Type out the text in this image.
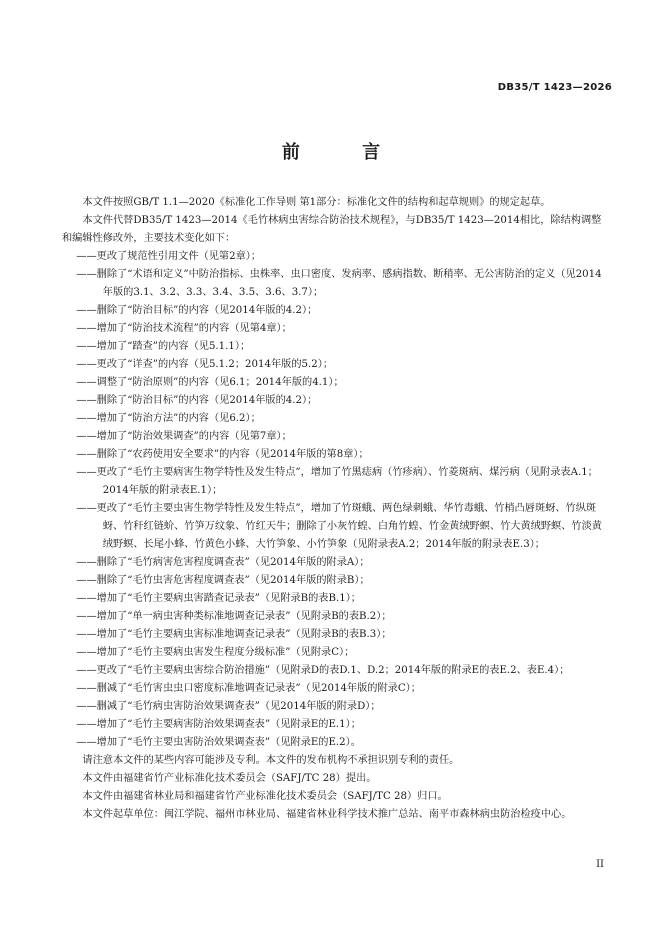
DB35/T 1423—2026
前 言

本文件按照GB/T 1.1—2020《标准化工作导则 第1部分：标准化文件的结构和起草规则》的规定起草。

本文件代替DB35/T 1423—2014《毛竹林病虫害综合防治技术规程》，与DB35/T 1423—2014相比，除结构调整和编辑性修改外，主要技术变化如下：

——更改了规范性引用文件（见第2章）；

——删除了“术语和定义”中防治指标、虫株率、虫口密度、发病率、感病指数、断稍率、无公害防治的定义（见2014年版的3.1、3.2、3.3、3.4、3.5、3.6、3.7）；

——删除了“防治目标”的内容（见2014年版的4.2）；

——增加了“防治技术流程”的内容（见第4章）；

——增加了“踏查”的内容（见5.1.1）；

——更改了“详查”的内容（见5.1.2；2014年版的5.2）；

——调整了“防治原则”的内容（见6.1；2014年版的4.1）；

——删除了“防治目标”的内容（见2014年版的4.2）；

——增加了“防治方法”的内容（见6.2）；

——增加了“防治效果调查”的内容（见第7章）；

——删除了“农药使用安全要求”的内容（见2014年版的第8章）；

——更改了“毛竹主要病害生物学特性及发生特点”，增加了竹黑痣病（竹疹病）、竹菱斑病、煤污病（见附录表A.1；2014年版的附录表E.1）；

——更改了“毛竹主要虫害生物学特性及发生特点”，增加了竹斑蛾、两色绿刺蛾、华竹毒蛾、竹梢凸唇斑蚜、竹纵斑蚜、竹秆红链蚧、竹笋万纹象、竹红天牛；删除了小灰竹蝗、白角竹蝗、竹金黄绒野螟、竹大黄绒野螟、竹淡黄绒野螟、长尾小蜂、竹黄色小蜂、大竹笋象、小竹笋象（见附录表A.2；2014年版的附录表E.3）；

——删除了“毛竹病害危害程度调查表”（见2014年版的附录A）；

——删除了“毛竹虫害危害程度调查表”（见2014年版的附录B）；

——增加了“毛竹主要病虫害踏查记录表”（见附录B的表B.1）；

——增加了“单一病虫害种类标准地调查记录表”（见附录B的表B.2）；

——增加了“毛竹主要病虫害标准地调查记录表”（见附录B的表B.3）；

——增加了“毛竹主要病虫害发生程度分级标准”（见附录C）；

——更改了“毛竹主要病虫害综合防治措施”（见附录D的表D.1、D.2；2014年版的附录E的表E.2、表E.4）；

——删减了“毛竹害虫虫口密度标准地调查记录表”（见2014年版的附录C）；

——删减了“毛竹病虫害防治效果调查表”（见2014年版的附录D）；

——增加了“毛竹主要病害防治效果调查表”（见附录E的E.1）；

——增加了“毛竹主要虫害防治效果调查表”（见附录E的E.2）。

请注意本文件的某些内容可能涉及专利。本文件的发布机构不承担识别专利的责任。

本文件由福建省竹产业标准化技术委员会（SAFJ/TC 28）提出。

本文件由福建省林业局和福建省竹产业标准化技术委员会（SAFJ/TC 28）归口。

本文件起草单位：闽江学院、福州市林业局、福建省林业科学技术推广总站、南平市森林病虫防治检疫中心。

II
